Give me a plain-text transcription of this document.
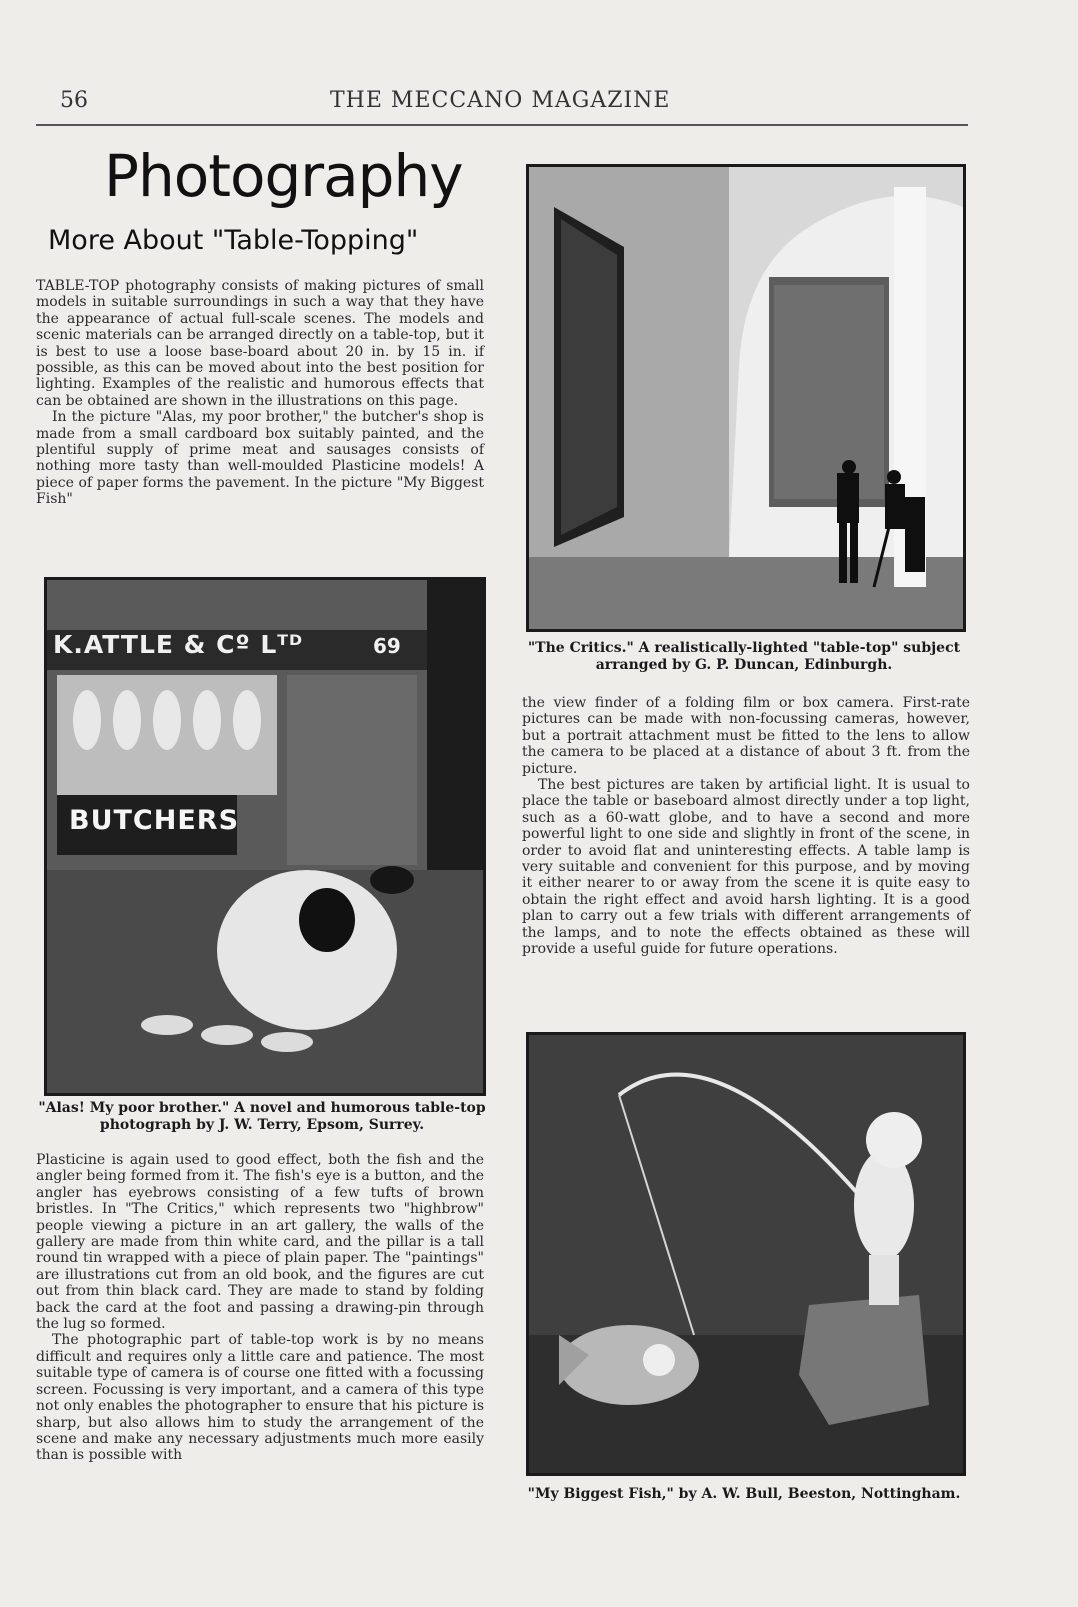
56	THE MECCANO MAGAZINE
Photography
More About "Table-Topping"

TABLE-TOP photography consists of making pictures of small models in suitable surroundings in such a way that they have the appearance of actual full-scale scenes. The models and scenic materials can be arranged directly on a table-top, but it is best to use a loose base-board about 20 in. by 15 in. if possible, as this can be moved about into the best position for lighting. Examples of the realistic and humorous effects that can be obtained are shown in the illustrations on this page.

In the picture "Alas, my poor brother," the butcher's shop is made from a small cardboard box suitably painted, and the plentiful supply of prime meat and sausages consists of nothing more tasty than well-moulded Plasticine models! A piece of paper forms the pavement. In the picture "My Biggest Fish"

K.ATTLE & Cº Lᵀᴰ	69
BUTCHERS
"Alas! My poor brother." A novel and humorous table-top photograph by J. W. Terry, Epsom, Surrey.

Plasticine is again used to good effect, both the fish and the angler being formed from it. The fish's eye is a button, and the angler has eyebrows consisting of a few tufts of brown bristles. In "The Critics," which represents two "highbrow" people viewing a picture in an art gallery, the walls of the gallery are made from thin white card, and the pillar is a tall round tin wrapped with a piece of plain paper. The "paintings" are illustrations cut from an old book, and the figures are cut out from thin black card. They are made to stand by folding back the card at the foot and passing a drawing-pin through the lug so formed.

The photographic part of table-top work is by no means difficult and requires only a little care and patience. The most suitable type of camera is of course one fitted with a focussing screen. Focussing is very important, and a camera of this type not only enables the photographer to ensure that his picture is sharp, but also allows him to study the arrangement of the scene and make any necessary adjustments much more easily than is possible with

"The Critics." A realistically-lighted "table-top" subject arranged by G. P. Duncan, Edinburgh.

the view finder of a folding film or box camera. First-rate pictures can be made with non-focussing cameras, however, but a portrait attachment must be fitted to the lens to allow the camera to be placed at a distance of about 3 ft. from the picture.

The best pictures are taken by artificial light. It is usual to place the table or baseboard almost directly under a top light, such as a 60-watt globe, and to have a second and more powerful light to one side and slightly in front of the scene, in order to avoid flat and uninteresting effects. A table lamp is very suitable and convenient for this purpose, and by moving it either nearer to or away from the scene it is quite easy to obtain the right effect and avoid harsh lighting. It is a good plan to carry out a few trials with different arrangements of the lamps, and to note the effects obtained as these will provide a useful guide for future operations.

"My Biggest Fish," by A. W. Bull, Beeston, Nottingham.
